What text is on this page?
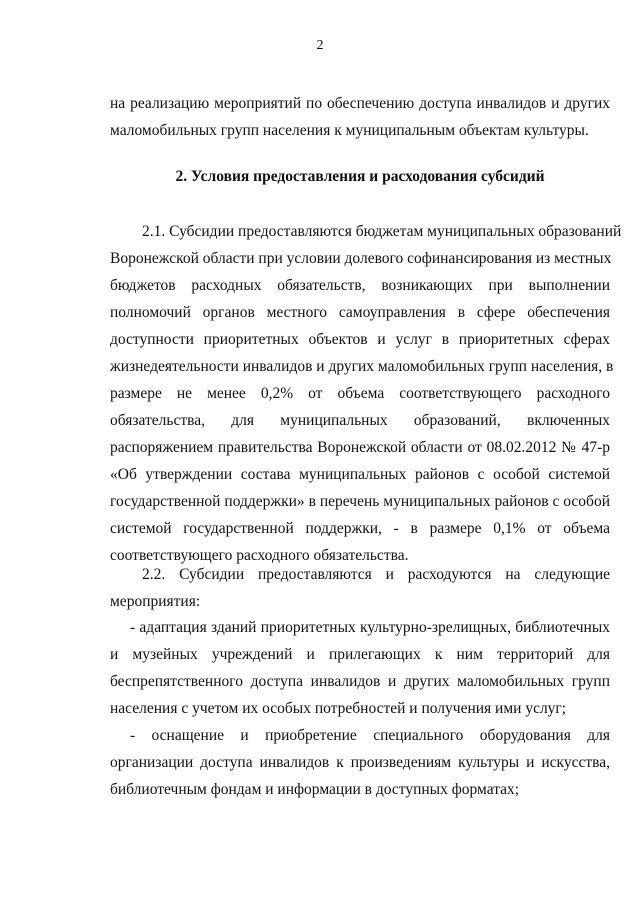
2
на реализацию мероприятий по обеспечению доступа инвалидов и других
маломобильных групп населения к муниципальным объектам культуры.
2. Условия предоставления и расходования субсидий
2.1. Субсидии предоставляются бюджетам муниципальных образований
Воронежской области при условии долевого софинансирования из местных
бюджетов расходных обязательств, возникающих при выполнении
полномочий органов местного самоуправления в сфере обеспечения
доступности приоритетных объектов и услуг в приоритетных сферах
жизнедеятельности инвалидов и других маломобильных групп населения, в
размере не менее 0,2% от объема соответствующего расходного
обязательства, для муниципальных образований, включенных
распоряжением правительства Воронежской области от 08.02.2012 № 47-р
«Об утверждении состава муниципальных районов с особой системой
государственной поддержки» в перечень муниципальных районов с особой
системой государственной поддержки, - в размере 0,1% от объема
соответствующего расходного обязательства.
2.2. Субсидии предоставляются и расходуются на следующие
мероприятия:
- адаптация зданий приоритетных культурно-зрелищных, библиотечных
и музейных учреждений и прилегающих к ним территорий для
беспрепятственного доступа инвалидов и других маломобильных групп
населения с учетом их особых потребностей и получения ими услуг;
- оснащение и приобретение специального оборудования для
организации доступа инвалидов к произведениям культуры и искусства,
библиотечным фондам и информации в доступных форматах;
